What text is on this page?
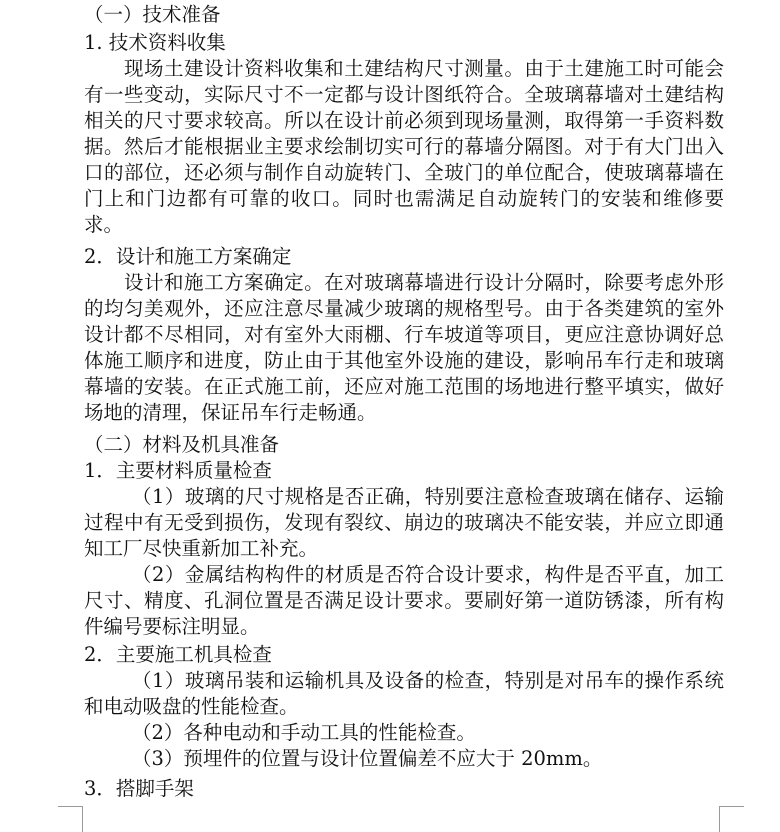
（一）技术准备
1. 技术资料收集
现场土建设计资料收集和土建结构尺寸测量。由于土建施工时可能会有一些变动，实际尺寸不一定都与设计图纸符合。全玻璃幕墙对土建结构相关的尺寸要求较高。所以在设计前必须到现场量测，取得第一手资料数据。然后才能根据业主要求绘制切实可行的幕墙分隔图。对于有大门出入口的部位，还必须与制作自动旋转门、全玻门的单位配合，使玻璃幕墙在门上和门边都有可靠的收口。同时也需满足自动旋转门的安装和维修要求。
2．设计和施工方案确定
设计和施工方案确定。在对玻璃幕墙进行设计分隔时，除要考虑外形的均匀美观外，还应注意尽量减少玻璃的规格型号。由于各类建筑的室外设计都不尽相同，对有室外大雨棚、行车坡道等项目，更应注意协调好总体施工顺序和进度，防止由于其他室外设施的建设，影响吊车行走和玻璃幕墙的安装。在正式施工前，还应对施工范围的场地进行整平填实，做好场地的清理，保证吊车行走畅通。
（二）材料及机具准备
1．主要材料质量检查
（1）玻璃的尺寸规格是否正确，特别要注意检查玻璃在储存、运输过程中有无受到损伤，发现有裂纹、崩边的玻璃决不能安装，并应立即通知工厂尽快重新加工补充。
（2）金属结构构件的材质是否符合设计要求，构件是否平直，加工尺寸、精度、孔洞位置是否满足设计要求。要刷好第一道防锈漆，所有构件编号要标注明显。
2．主要施工机具检查
（1）玻璃吊装和运输机具及设备的检查，特别是对吊车的操作系统和电动吸盘的性能检查。
（2）各种电动和手动工具的性能检查。
（3）预埋件的位置与设计位置偏差不应大于 20mm。
3．搭脚手架
